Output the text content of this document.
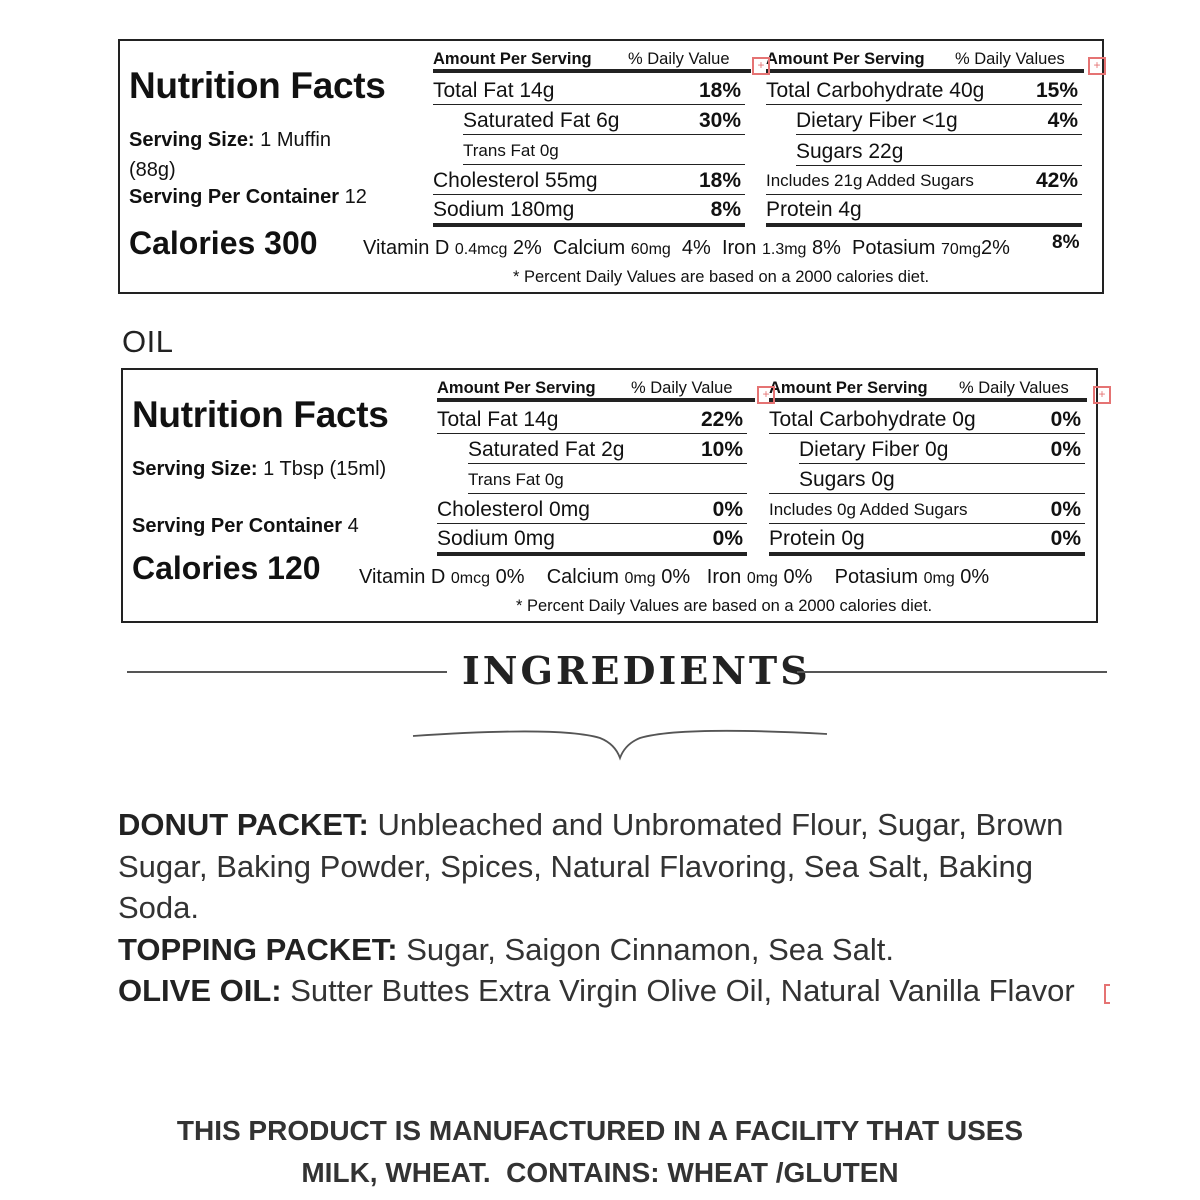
Nutrition Facts
Serving Size: 1 Muffin
(88g)
Serving Per Container 12
Calories 300
Amount Per Serving % Daily Value Amount Per Serving % Daily Values
+	+
Total Fat 14g	18%
Saturated Fat 6g	30%
Trans Fat 0g
Cholesterol 55mg	18%
Sodium 180mg	8%
Total Carbohydrate 40g 15%
Dietary Fiber <1g	4%
Sugars 22g
Includes 21g Added Sugars	42%
Protein 4g
Vitamin D 0.4mcg 2% Calcium 60mg 4% Iron 1.3mg 8% Potasium 70mg2% 8%
* Percent Daily Values are based on a 2000 calories diet.
OIL
Nutrition Facts
Serving Size: 1 Tbsp (15ml)
Serving Per Container 4
Calories 120
Amount Per Serving % Daily Value Amount Per Serving % Daily Values
+	+
Total Fat 14g	22%
Saturated Fat 2g	10%
Trans Fat 0g
Cholesterol 0mg	0%
Sodium 0mg	0%
Total Carbohydrate 0g	0%
Dietary Fiber 0g	0%
Sugars 0g
Includes 0g Added Sugars	0%
Protein 0g	0%
Vitamin D 0mcg 0% Calcium 0mg 0% Iron 0mg 0% Potasium 0mg 0%
* Percent Daily Values are based on a 2000 calories diet.
INGREDIENTS
DONUT PACKET: Unbleached and Unbromated Flour, Sugar, Brown Sugar, Baking Powder, Spices, Natural Flavoring, Sea Salt, Baking Soda.
TOPPING PACKET: Sugar, Saigon Cinnamon, Sea Salt.
OLIVE OIL: Sutter Buttes Extra Virgin Olive Oil, Natural Vanilla Flavor
THIS PRODUCT IS MANUFACTURED IN A FACILITY THAT USES
MILK, WHEAT.  CONTAINS: WHEAT /GLUTEN
